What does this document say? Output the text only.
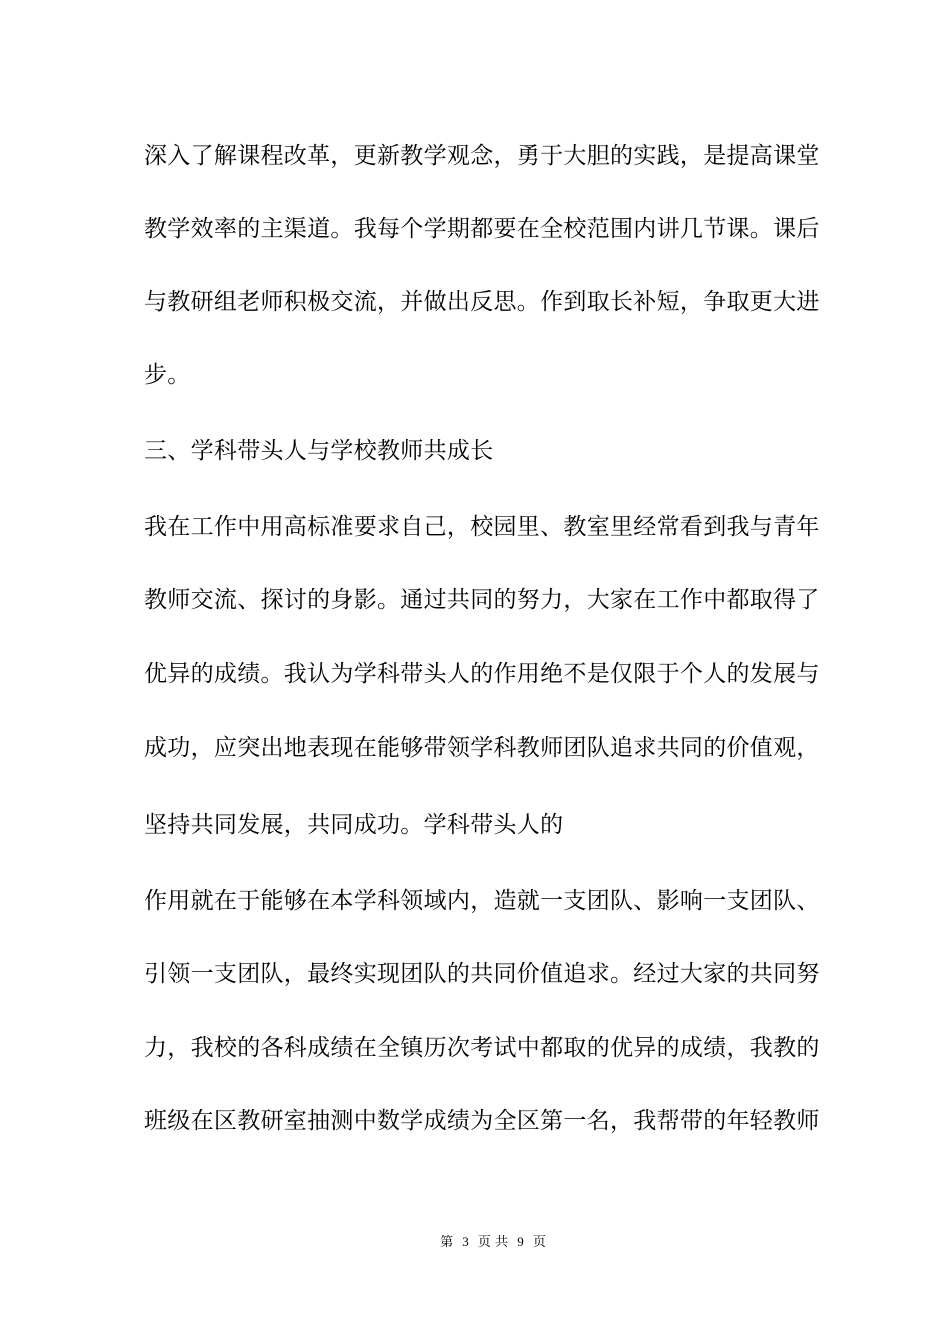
深入了解课程改革，更新教学观念，勇于大胆的实践，是提高课堂
教学效率的主渠道。我每个学期都要在全校范围内讲几节课。课后
与教研组老师积极交流，并做出反思。作到取长补短，争取更大进
步。
三、学科带头人与学校教师共成长
我在工作中用高标准要求自己，校园里、教室里经常看到我与青年
教师交流、探讨的身影。通过共同的努力，大家在工作中都取得了
优异的成绩。我认为学科带头人的作用绝不是仅限于个人的发展与
成功，应突出地表现在能够带领学科教师团队追求共同的价值观，
坚持共同发展，共同成功。学科带头人的
作用就在于能够在本学科领域内，造就一支团队、影响一支团队、
引领一支团队，最终实现团队的共同价值追求。经过大家的共同努
力，我校的各科成绩在全镇历次考试中都取的优异的成绩，我教的
班级在区教研室抽测中数学成绩为全区第一名，我帮带的年轻教师
第 3 页 共 9 页
